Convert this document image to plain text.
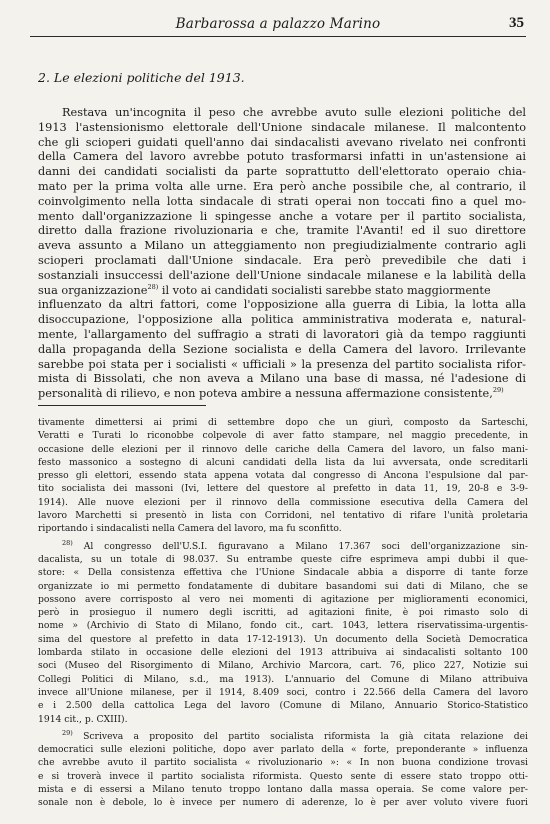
Barbarossa a palazzo Marino	35
2. Le elezioni politiche del 1913.
Restava un'incognita il peso che avrebbe avuto sulle elezioni politiche del
1913 l'astensionismo elettorale dell'Unione sindacale milanese. Il malcontento
che gli scioperi guidati quell'anno dai sindacalisti avevano rivelato nei confronti
della Camera del lavoro avrebbe potuto trasformarsi infatti in un'astensione ai
danni dei candidati socialisti da parte soprattutto dell'elettorato operaio chia-
mato per la prima volta alle urne. Era però anche possibile che, al contrario, il
coinvolgimento nella lotta sindacale di strati operai non toccati fino a quel mo-
mento dall'organizzazione li spingesse anche a votare per il partito socialista,
diretto dalla frazione rivoluzionaria e che, tramite l'Avanti! ed il suo direttore
aveva assunto a Milano un atteggiamento non pregiudizialmente contrario agli
scioperi proclamati dall'Unione sindacale. Era però prevedibile che dati i
sostanziali insuccessi dell'azione dell'Unione sindacale milanese e la labilità della
sua organizzazione$^{28)}$ il voto ai candidati socialisti sarebbe stato maggiormente
influenzato da altri fattori, come l'opposizione alla guerra di Libia, la lotta alla
disoccupazione, l'opposizione alla politica amministrativa moderata e, natural-
mente, l'allargamento del suffragio a strati di lavoratori già da tempo raggiunti
dalla propaganda della Sezione socialista e della Camera del lavoro. Irrilevante
sarebbe poi stata per i socialisti « ufficiali » la presenza del partito socialista rifor-
mista di Bissolati, che non aveva a Milano una base di massa, né l'adesione di
personalità di rilievo, e non poteva ambire a nessuna affermazione consistente,$^{29)}$
tivamente dimettersi ai primi di settembre dopo che un giurì, composto da Sarteschi,
Veratti e Turati lo riconobbe colpevole di aver fatto stampare, nel maggio precedente, in
occasione delle elezioni per il rinnovo delle cariche della Camera del lavoro, un falso mani-
festo massonico a sostegno di alcuni candidati della lista da lui avversata, onde screditarli
presso gli elettori, essendo stata appena votata dal congresso di Ancona l'espulsione dal par-
tito socialista dei massoni (Ivi, lettere del questore al prefetto in data 11, 19, 20-8 e 3-9-
1914). Alle nuove elezioni per il rinnovo della commissione esecutiva della Camera del
lavoro Marchetti si presentò in lista con Corridoni, nel tentativo di rifare l'unità proletaria
riportando i sindacalisti nella Camera del lavoro, ma fu sconfitto.
$^{28)}$ Al congresso dell'U.S.I. figuravano a Milano 17.367 soci dell'organizzazione sin-
dacalista, su un totale di 98.037. Su entrambe queste cifre esprimeva ampi dubbi il que-
store: « Della consistenza effettiva che l'Unione Sindacale abbia a disporre di tante forze
organizzate io mi permetto fondatamente di dubitare basandomi sui dati di Milano, che se
possono avere corrisposto al vero nei momenti di agitazione per miglioramenti economici,
però in prosieguo il numero degli iscritti, ad agitazioni finite, è poi rimasto solo di
nome » (Archivio di Stato di Milano, fondo cit., cart. 1043, lettera riservatissima-urgentis-
sima del questore al prefetto in data 17-12-1913). Un documento della Società Democratica
lombarda stilato in occasione delle elezioni del 1913 attribuiva ai sindacalisti soltanto 100
soci (Museo del Risorgimento di Milano, Archivio Marcora, cart. 76, plico 227, Notizie sui
Collegi Politici di Milano, s.d., ma 1913). L'annuario del Comune di Milano attribuiva
invece all'Unione milanese, per il 1914, 8.409 soci, contro i 22.566 della Camera del lavoro
e i 2.500 della cattolica Lega del lavoro (Comune di Milano, Annuario Storico-Statistico
1914 cit., p. CXIII).
$^{29)}$ Scriveva a proposito del partito socialista riformista la già citata relazione dei
democratici sulle elezioni politiche, dopo aver parlato della « forte, preponderante » influenza
che avrebbe avuto il partito socialista « rivoluzionario »: « In non buona condizione trovasi
e si troverà invece il partito socialista riformista. Questo sente di essere stato troppo otti-
mista e di essersi a Milano tenuto troppo lontano dalla massa operaia. Se come valore per-
sonale non è debole, lo è invece per numero di aderenze, lo è per aver voluto vivere fuori
